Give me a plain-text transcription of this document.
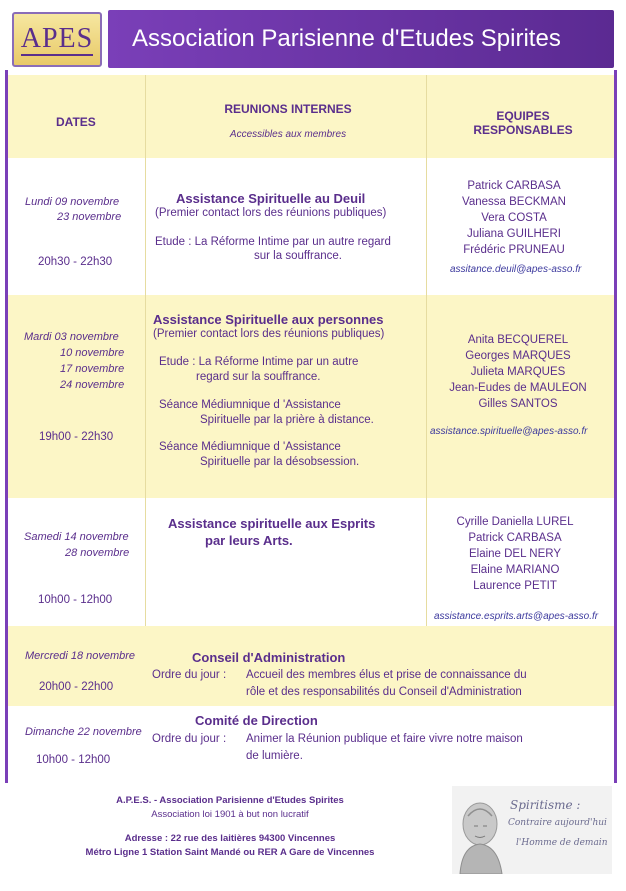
APES Association Parisienne d'Etudes Spirites
DATES
REUNIONS INTERNES
Accessibles aux membres
EQUIPES
RESPONSABLES
Lundi 09 novembre
23 novembre
20h30 - 22h30
Assistance Spirituelle au Deuil
(Premier contact lors des réunions publiques)
Etude : La Réforme Intime par un autre regard
sur la souffrance.
Patrick CARBASA
Vanessa BECKMAN
Vera COSTA
Juliana GUILHERI
Frédéric PRUNEAU
assitance.deuil@apes-asso.fr
Mardi 03 novembre
10 novembre
17 novembre
24 novembre
19h00 - 22h30
Assistance Spirituelle aux personnes
(Premier contact lors des réunions publiques)
Etude : La Réforme Intime par un autre
regard sur la souffrance.
Séance Médiumnique d 'Assistance
Spirituelle par la prière à distance.
Séance Médiumnique d 'Assistance
Spirituelle par la désobsession.
Anita BECQUEREL
Georges MARQUES
Julieta MARQUES
Jean-Eudes de MAULEON
Gilles SANTOS
assistance.spirituelle@apes-asso.fr
Samedi 14 novembre
28 novembre
10h00 - 12h00
Assistance spirituelle aux Esprits
par leurs Arts.
Cyrille Daniella LUREL
Patrick CARBASA
Elaine DEL NERY
Elaine MARIANO
Laurence PETIT
assistance.esprits.arts@apes-asso.fr
Mercredi 18 novembre
20h00 - 22h00
Conseil d'Administration
Ordre du jour : Accueil des membres élus et prise de connaissance du
rôle et des responsabilités du Conseil d'Administration
Dimanche 22 novembre
10h00 - 12h00
Comité de Direction
Ordre du jour : Animer la Réunion publique et faire vivre notre maison
de lumière.
A.P.E.S. - Association Parisienne d'Etudes Spirites
Association loi 1901 à but non lucratif
Adresse : 22 rue des laitières 94300 Vincennes
Métro Ligne 1 Station Saint Mandé ou RER A Gare de Vincennes
Spiritisme :
Contraire aujourd'hui
l'Homme de demain
